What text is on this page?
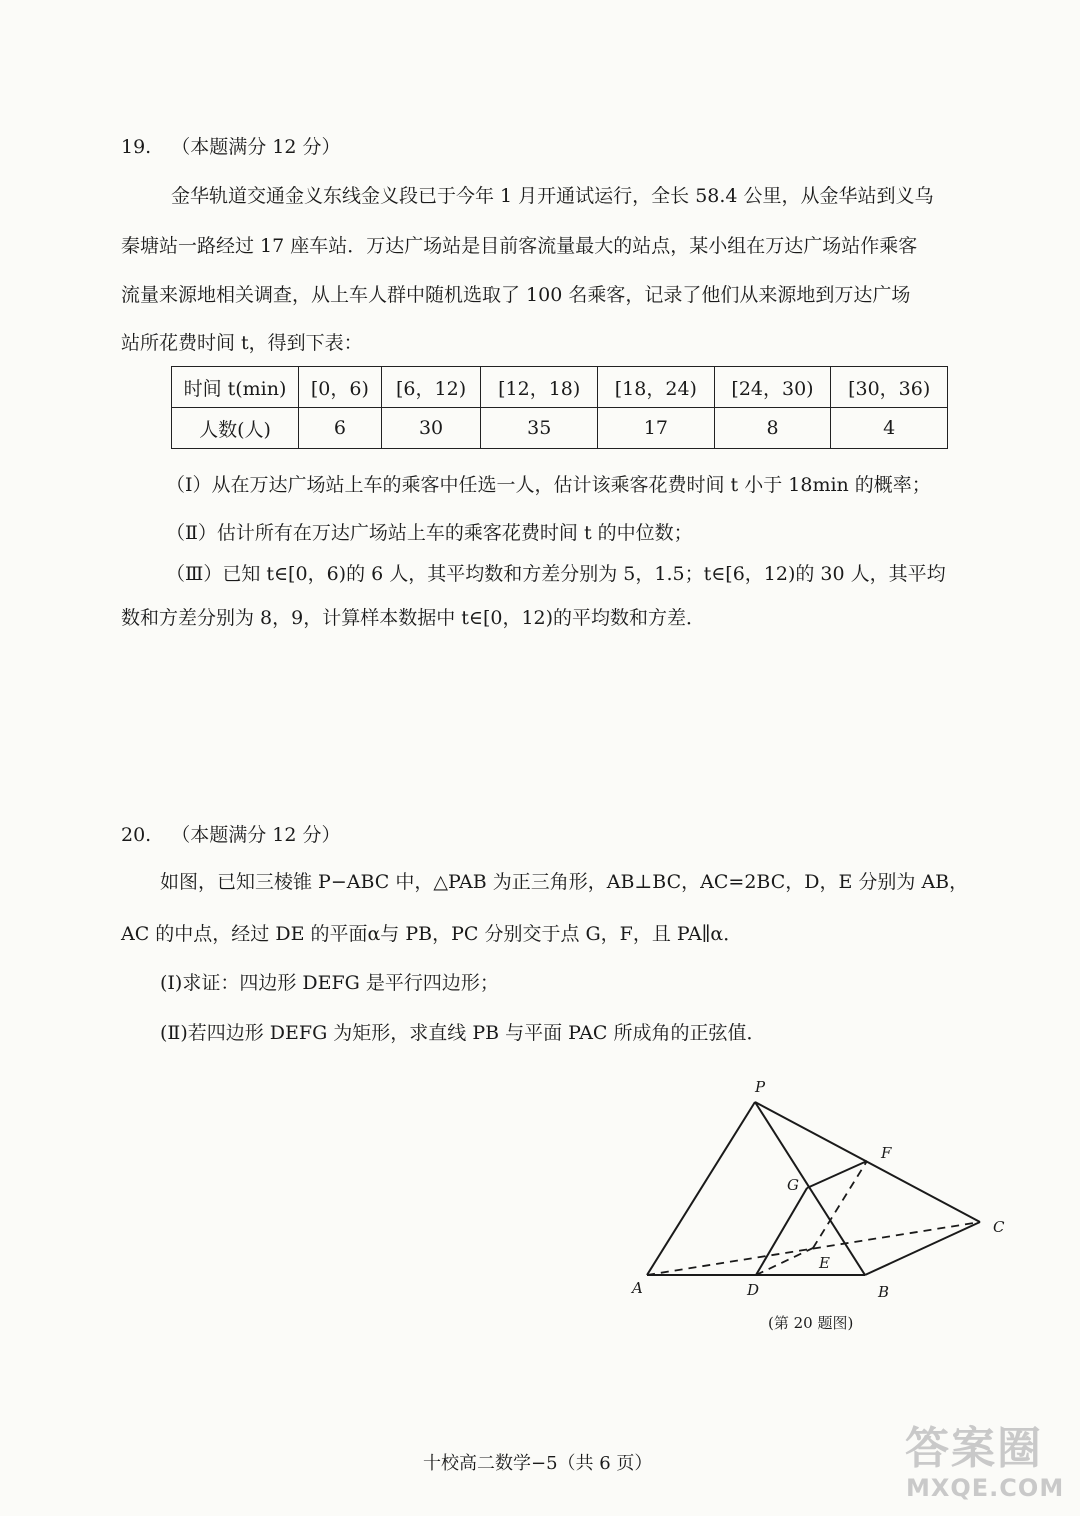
19. （本题满分 12 分）
金华轨道交通金义东线金义段已于今年 1 月开通试运行，全长 58.4 公里，从金华站到义乌
秦塘站一路经过 17 座车站．万达广场站是目前客流量最大的站点，某小组在万达广场站作乘客
流量来源地相关调查，从上车人群中随机选取了 100 名乘客，记录了他们从来源地到万达广场
站所花费时间 t，得到下表：
时间 t(min)	[0，6)	[6，12)	[12，18)	[18，24)	[24，30)	[30，36)
人数(人)	6	30	35	17	8	4
（Ⅰ）从在万达广场站上车的乘客中任选一人，估计该乘客花费时间 t 小于 18min 的概率；
（Ⅱ）估计所有在万达广场站上车的乘客花费时间 t 的中位数；
（Ⅲ）已知 t∈[0，6)的 6 人，其平均数和方差分别为 5，1.5；t∈[6，12)的 30 人，其平均
数和方差分别为 8，9，计算样本数据中 t∈[0，12)的平均数和方差．
20. （本题满分 12 分）
如图，已知三棱锥 P−ABC 中，△PAB 为正三角形，AB⊥BC，AC=2BC，D，E 分别为 AB，
AC 的中点，经过 DE 的平面α与 PB，PC 分别交于点 G，F，且 PA∥α．
(Ⅰ)求证：四边形 DEFG 是平行四边形；
(Ⅱ)若四边形 DEFG 为矩形，求直线 PB 与平面 PAC 所成角的正弦值．
P
F
G
C
E
A	D	B
(第 20 题图)
十校高二数学−5（共 6 页）	答案圈
MXQE.COM
